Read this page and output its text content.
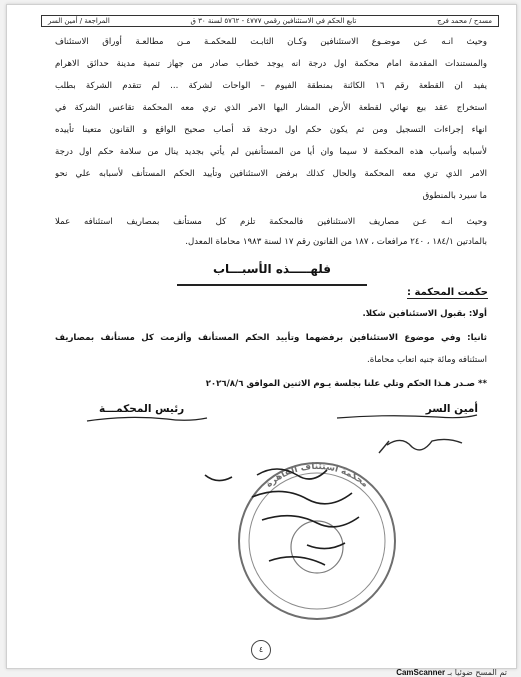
مسدح / محمد فرج
تابع الحكم في الاستئنافين رقمي ٤٧٧٧ - ٥٧٦٢ لسنة ٣٠ ق
المراجعة / أمين السر

وحيث انـه عـن موضـوع الاستئنافين وكـان الثابـت للمحكمـة مـن مطالعـة أوراق الاستئناف

والمستندات المقدمة امام محكمة اول درجة انه يوجد خطاب صادر من جهاز تنمية مدينة حدائق الاهرام

يفيد ان القطعة رقم ١٦ الكائنة بمنطقة الفيوم – الواحات لشركة ... لم تتقدم الشركة بطلب

استخراج عقد بيع نهائي لقطعة الأرض المشار اليها الامر الذي تري معه المحكمة تقاعس الشركة في

انهاء إجراءات التسجيل ومن ثم يكون حكم اول درجة قد أصاب صحيح الواقع و القانون متعينا تأييده

لأسبابه وأسباب هذه المحكمة لا سيما وان أيا من المستأنفين لم يأتي بجديد ينال من سلامة حكم اول درجة

الامر الذي تري معه المحكمة والحال كذلك برفض الاستئنافين وتأييد الحكم المستأنف لأسبابه علي نحو

ما سيرد بالمنطوق

وحيث انـه عـن مصاريف الاستئنافين فالمحكمة تلزم كل مستأنف بمصاريف استئنافه عملا

بالمادتين ١٨٤/١ ، ٢٤٠ مرافعات ، ١٨٧ من القانون رقم ١٧ لسنة ١٩٨٣ محاماة المعدل.

فلهـــــذه الأسبـــاب
حكمت المحكمة :

أولا: بقبول الاستئنافين شكلا.

ثانيا: وفي موضوع الاستئنافين برفضهما وتأييد الحكم المستأنف وألزمت كل مستأنف بمصاريف

استئنافه ومائة جنيه اتعاب محاماة.

** صـدر هـذا الحكم وتلي علنا بجلسة يـوم الاثنين الموافق ٢٠٢٦/٨/٦

أمين السر
رئيس المحكمـــة
محكمة استئناف القاهرة
٤
تم المسح ضوئيا بـ CamScanner
